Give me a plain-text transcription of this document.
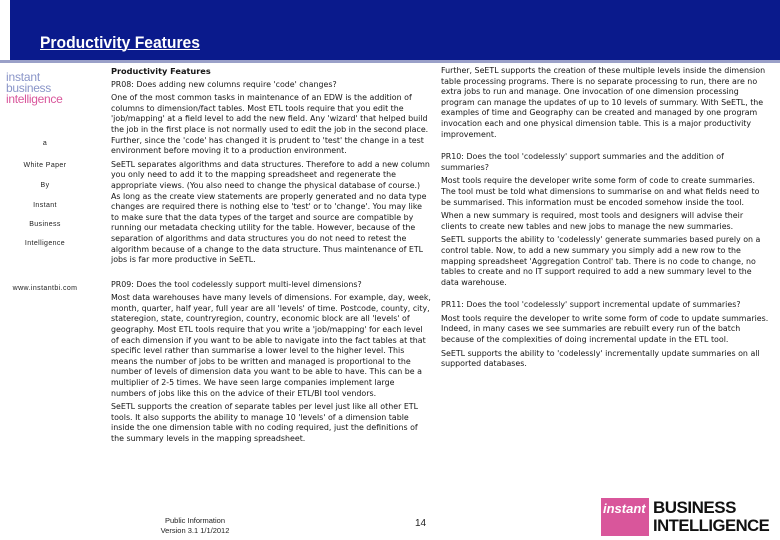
Productivity Features
instant
business
intelligence
a
White Paper
By
Instant
Business
Intelligence
www.instantbi.com

Productivity Features

PR08: Does adding new columns require 'code' changes?

One of the most common tasks in maintenance of an EDW is the addition of columns to dimension/fact tables. Most ETL tools require that you edit the 'job/mapping' at a field level to add the new field. Any 'wizard' that helped build the job in the first place is not normally used to edit the job in the second place. Further, since the 'code' has changed it is prudent to 'test' the change in a test environment before moving it to a production environment.

SeETL separates algorithms and data structures. Therefore to add a new column you only need to add it to the mapping spreadsheet and regenerate the appropriate views. (You also need to change the physical database of course.) As long as the create view statements are properly generated and no data type changes are required there is nothing else to 'test' or to 'change'. You may like to make sure that the data types of the target and source are compatible by running our metadata checking utility for the table. However, because of the separation of algorithms and data structures you do not need to retest the algorithm because of a change to the data structure. Thus maintenance of ETL jobs is far more productive in SeETL.

PR09: Does the tool codelessly support multi-level dimensions?

Most data warehouses have many levels of dimensions. For example, day, week, month, quarter, half year, full year are all 'levels' of time. Postcode, county, city, stateregion, state, countryregion, country, economic block are all 'levels' of geography. Most ETL tools require that you write a 'job/mapping' for each level of each dimension if you want to be able to navigate into the fact tables at that specific level rather than summarise a lower level to the higher level. This means the number of jobs to be written and managed is proportional to the number of levels of dimension data you want to be able to have. This can be a multiplier of 2-5 times. We have seen large companies implement large numbers of jobs like this on the advice of their ETL/BI tool vendors.

SeETL supports the creation of separate tables per level just like all other ETL tools. It also supports the ability to manage 10 'levels' of a dimension table inside the one dimension table with no coding required, just the definitions of the summary levels in the mapping spreadsheet.

Further, SeETL supports the creation of these multiple levels inside the dimension table processing programs. There is no separate processing to run, there are no extra jobs to run and manage. One invocation of one dimension processing program can manage the updates of up to 10 levels of summary. With SeETL, the examples of time and Geography can be created and managed by one program invocation each and one physical dimension table. This is a major productivity improvement.

PR10: Does the tool 'codelessly' support summaries and the addition of summaries?

Most tools require the developer write some form of code to create summaries. The tool must be told what dimensions to summarise on and what fields need to be summarised. This information must be encoded somehow inside the tool.

When a new summary is required, most tools and designers will advise their clients to create new tables and new jobs to manage the new summaries.

SeETL supports the ability to 'codelessly' generate summaries based purely on a control table. Now, to add a new summary you simply add a new row to the mapping spreadsheet 'Aggregation Control' tab. There is no code to change, no tables to create and no IT support required to add a new summary level to the data warehouse.

PR11: Does the tool 'codelessly' support incremental update of summaries?

Most tools require the developer to write some form of code to update summaries. Indeed, in many cases we see summaries are rebuilt every run of the batch because of the complexities of doing incremental update in the ETL tool.

SeETL supports the ability to 'codelessly' incrementally update summaries on all supported databases.

Public Information
Version 3.1 1/1/2012
14
instant BUSINESS
INTELLIGENCE
